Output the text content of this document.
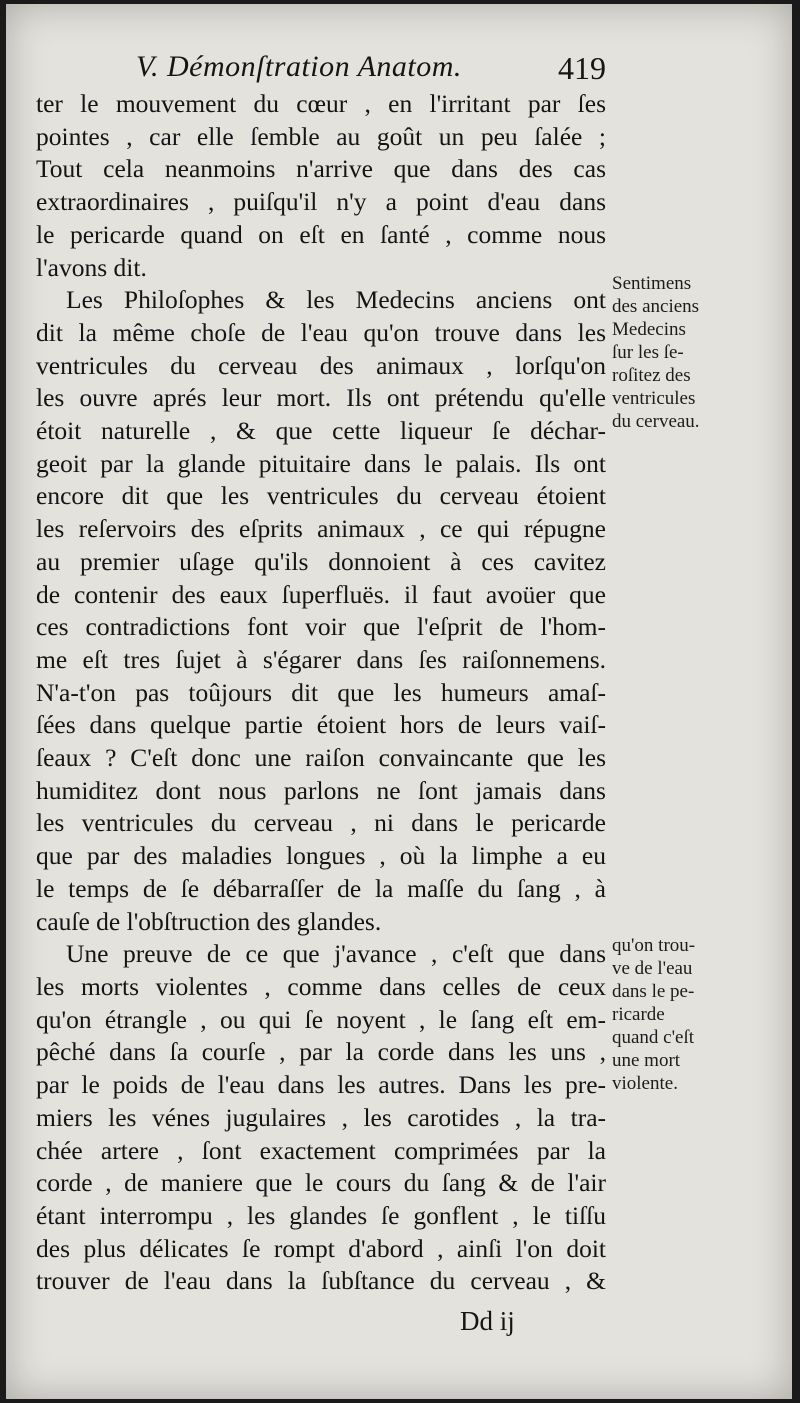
V. Démonſtration Anatom.	419
ter le mouvement du cœur , en l'irritant par ſes
pointes , car elle ſemble au goût un peu ſalée ;
Tout cela neanmoins n'arrive que dans des cas
extraordinaires , puiſqu'il n'y a point d'eau dans
le pericarde quand on eſt en ſanté , comme nous
l'avons dit.
Les Philoſophes & les Medecins anciens ont
dit la même choſe de l'eau qu'on trouve dans les
ventricules du cerveau des animaux , lorſqu'on
les ouvre aprés leur mort. Ils ont prétendu qu'elle
étoit naturelle , & que cette liqueur ſe déchar-
geoit par la glande pituitaire dans le palais. Ils ont
encore dit que les ventricules du cerveau étoient
les reſervoirs des eſprits animaux , ce qui répugne
au premier uſage qu'ils donnoient à ces cavitez
de contenir des eaux ſuperfluës. il faut avoüer que
ces contradictions font voir que l'eſprit de l'hom-
me eſt tres ſujet à s'égarer dans ſes raiſonnemens.
N'a-t'on pas toûjours dit que les humeurs amaſ-
ſées dans quelque partie étoient hors de leurs vaiſ-
ſeaux ? C'eſt donc une raiſon convaincante que les
humiditez dont nous parlons ne ſont jamais dans
les ventricules du cerveau , ni dans le pericarde
que par des maladies longues , où la limphe a eu
le temps de ſe débarraſſer de la maſſe du ſang , à
cauſe de l'obſtruction des glandes.
Une preuve de ce que j'avance , c'eſt que dans
les morts violentes , comme dans celles de ceux
qu'on étrangle , ou qui ſe noyent , le ſang eſt em-
pêché dans ſa courſe , par la corde dans les uns ,
par le poids de l'eau dans les autres. Dans les pre-
miers les vénes jugulaires , les carotides , la tra-
chée artere , ſont exactement comprimées par la
corde , de maniere que le cours du ſang & de l'air
étant interrompu , les glandes ſe gonflent , le tiſſu
des plus délicates ſe rompt d'abord , ainſi l'on doit
trouver de l'eau dans la ſubſtance du cerveau , &
Sentimens
des anciens
Medecins
ſur les ſe-
roſitez des
ventricules
du cerveau.
qu'on trou-
ve de l'eau
dans le pe-
ricarde
quand c'eſt
une mort
violente.
Dd ij
